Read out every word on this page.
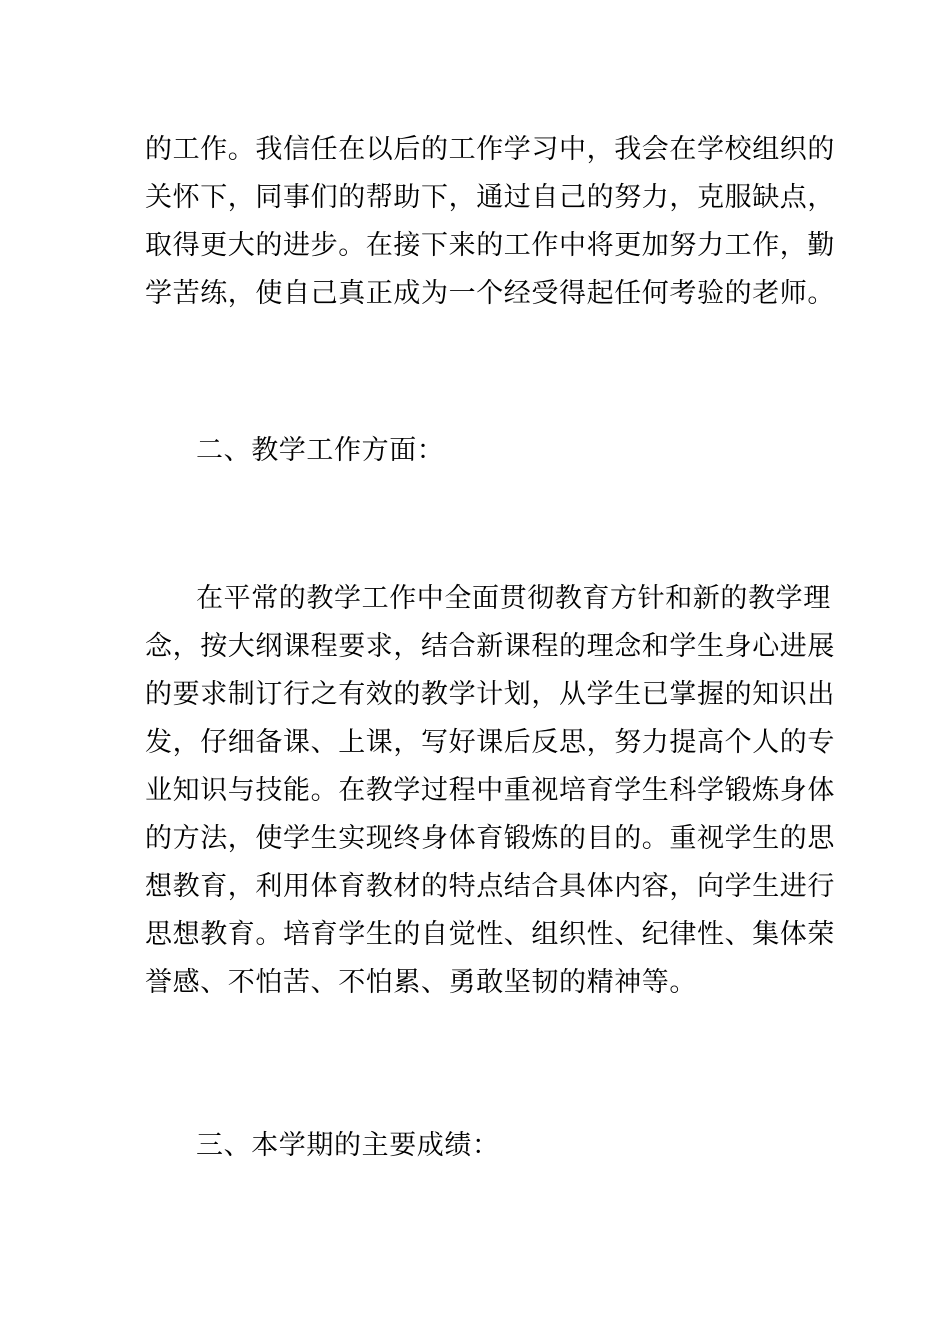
的工作。我信任在以后的工作学习中，我会在学校组织的
关怀下，同事们的帮助下，通过自己的努力，克服缺点，
取得更大的进步。在接下来的工作中将更加努力工作，勤
学苦练，使自己真正成为一个经受得起任何考验的老师。
二、教学工作方面：
在平常的教学工作中全面贯彻教育方针和新的教学理
念，按大纲课程要求，结合新课程的理念和学生身心进展
的要求制订行之有效的教学计划，从学生已掌握的知识出
发，仔细备课、上课，写好课后反思，努力提高个人的专
业知识与技能。在教学过程中重视培育学生科学锻炼身体
的方法，使学生实现终身体育锻炼的目的。重视学生的思
想教育，利用体育教材的特点结合具体内容，向学生进行
思想教育。培育学生的自觉性、组织性、纪律性、集体荣
誉感、不怕苦、不怕累、勇敢坚韧的精神等。
三、本学期的主要成绩：
